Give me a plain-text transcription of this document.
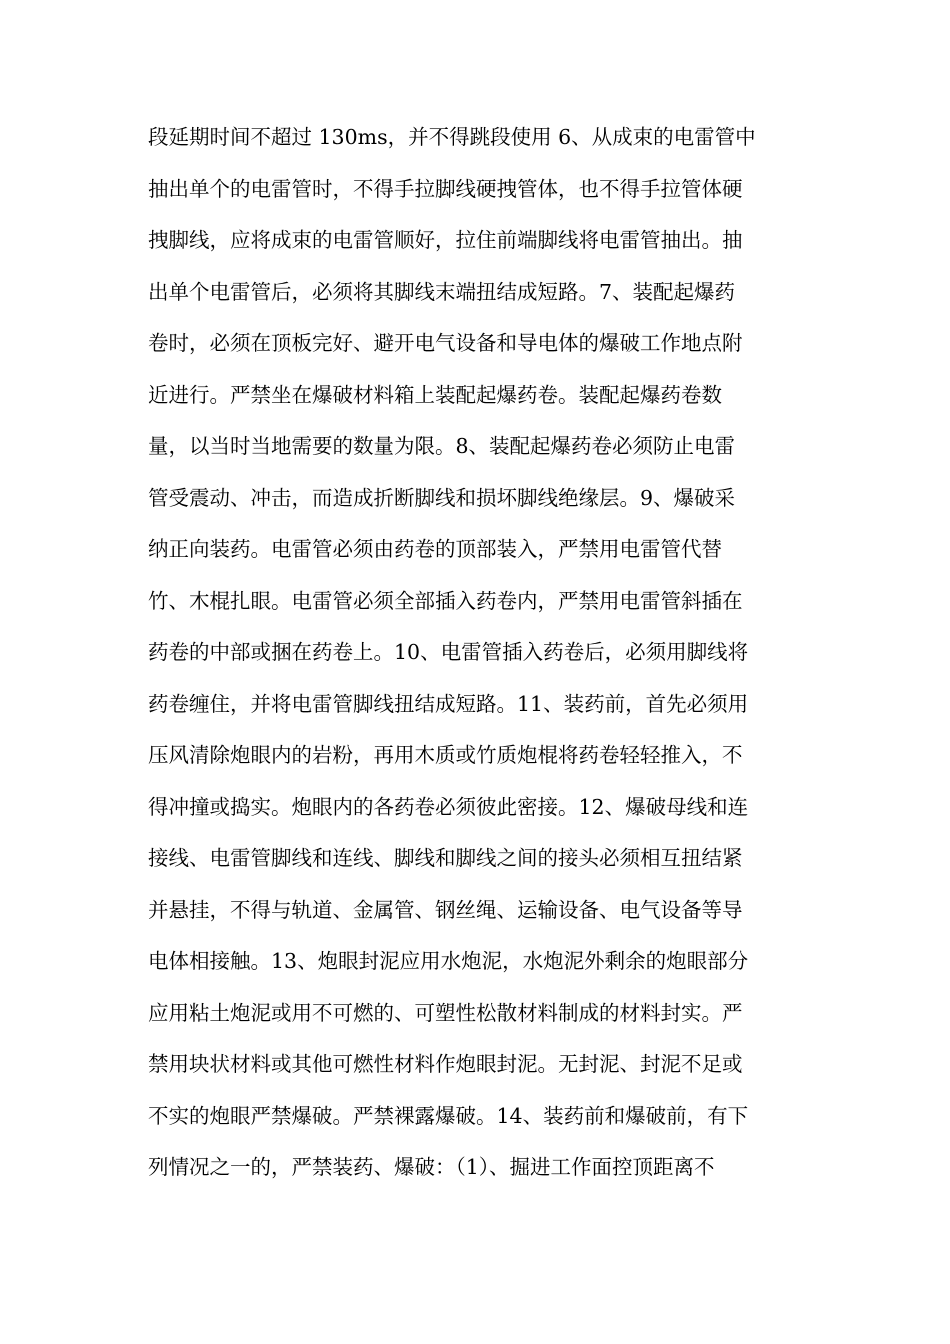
段延期时间不超过 130ms，并不得跳段使用 6、从成束的电雷管中
抽出单个的电雷管时，不得手拉脚线硬拽管体，也不得手拉管体硬
拽脚线，应将成束的电雷管顺好，拉住前端脚线将电雷管抽出。抽
出单个电雷管后，必须将其脚线末端扭结成短路。7、装配起爆药
卷时，必须在顶板完好、避开电气设备和导电体的爆破工作地点附
近进行。严禁坐在爆破材料箱上装配起爆药卷。装配起爆药卷数
量，以当时当地需要的数量为限。8、装配起爆药卷必须防止电雷
管受震动、冲击，而造成折断脚线和损坏脚线绝缘层。9、爆破采
纳正向装药。电雷管必须由药卷的顶部装入，严禁用电雷管代替
竹、木棍扎眼。电雷管必须全部插入药卷内，严禁用电雷管斜插在
药卷的中部或捆在药卷上。10、电雷管插入药卷后，必须用脚线将
药卷缠住，并将电雷管脚线扭结成短路。11、装药前，首先必须用
压风清除炮眼内的岩粉，再用木质或竹质炮棍将药卷轻轻推入，不
得冲撞或捣实。炮眼内的各药卷必须彼此密接。12、爆破母线和连
接线、电雷管脚线和连线、脚线和脚线之间的接头必须相互扭结紧
并悬挂，不得与轨道、金属管、钢丝绳、运输设备、电气设备等导
电体相接触。13、炮眼封泥应用水炮泥，水炮泥外剩余的炮眼部分
应用粘土炮泥或用不可燃的、可塑性松散材料制成的材料封实。严
禁用块状材料或其他可燃性材料作炮眼封泥。无封泥、封泥不足或
不实的炮眼严禁爆破。严禁裸露爆破。14、装药前和爆破前，有下
列情况之一的，严禁装药、爆破：（1）、掘进工作面控顶距离不
